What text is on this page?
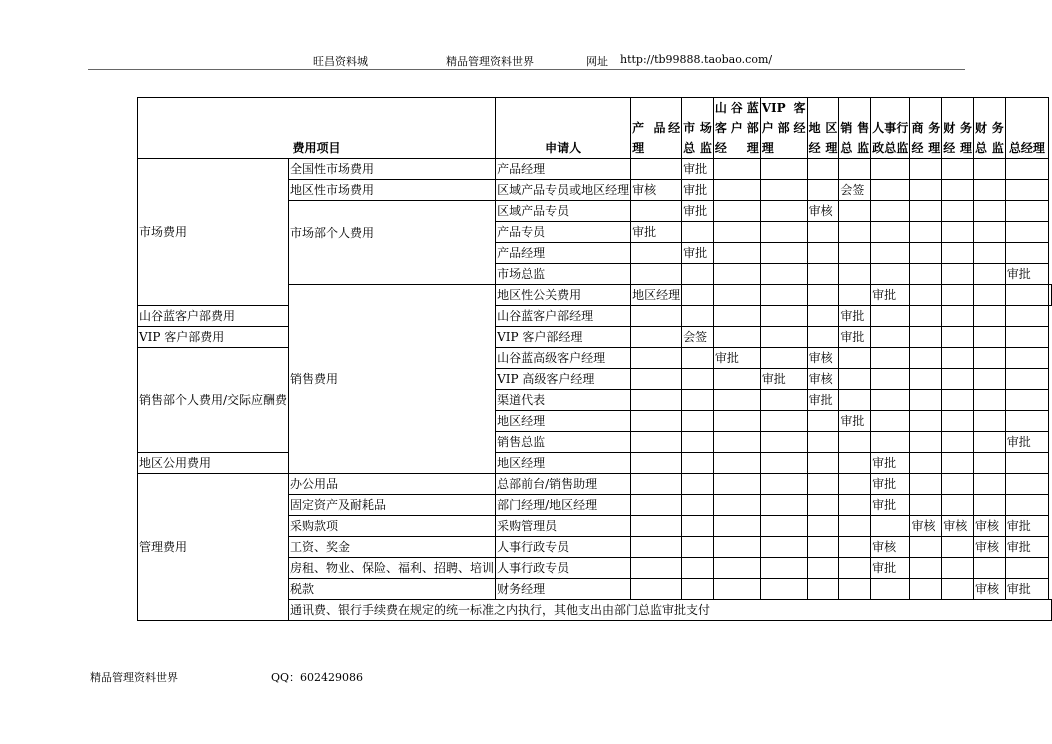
旺昌资料城	精品管理资料世界	网址 http://tb99888.taobao.com/
费用项目		申请人	产 品经理	市 场总监	山谷蓝客户部经理	VIP 客户部经理	地 区经理	销 售总监	人事行政总监	商 务经理	财 务经理	财 务总监	总经理	
市场费用	全国性市场费用	产品经理		审批										
	地区性市场费用	区域产品专员或地区经理	审核	审批				会签						
	市场部个人费用	区域产品专员		审批			审核							
		产品专员	审批											
		产品经理		审批										
		市场总监											审批	
	销售费用	地区性公关费用	地区经理						审批					
山谷蓝客户部费用		山谷蓝客户部经理						审批						
VIP 客户部费用		VIP 客户部经理		会签				审批						
销售部个人费用/交际应酬费		山谷蓝高级客户经理			审批		审核							
		VIP 高级客户经理				审批	审核							
		渠道代表					审批							
		地区经理						审批						
		销售总监											审批	
地区公用费用		地区经理							审批					
管理费用	办公用品	总部前台/销售助理							审批					
	固定资产及耐耗品	部门经理/地区经理							审批					
	采购款项	采购管理员								审核	审核	审核	审批	
	工资、奖金	人事行政专员							审核			审核	审批	
	房租、物业、保险、福利、招聘、培训	人事行政专员							审批					
	税款	财务经理										审核	审批	
	通讯费、银行手续费在规定的统一标准之内执行，其他支出由部门总监审批支付													
精品管理资料世界	QQ：602429086
